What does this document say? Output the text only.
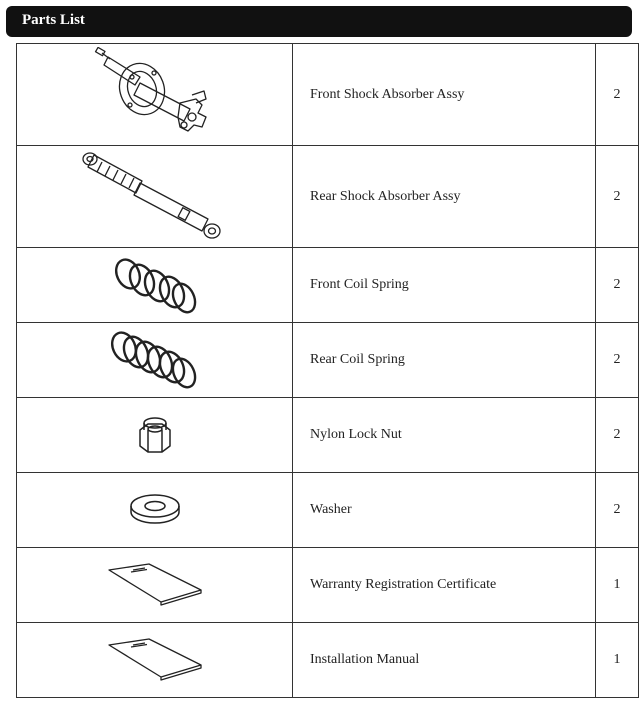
Parts List
	Front Shock Absorber Assy	2

	Rear Shock Absorber Assy	2

	Front Coil Spring	2

	Rear Coil Spring	2

	Nylon Lock Nut	2

	Washer	2

	Warranty Registration Certificate	1

	Installation Manual	1
